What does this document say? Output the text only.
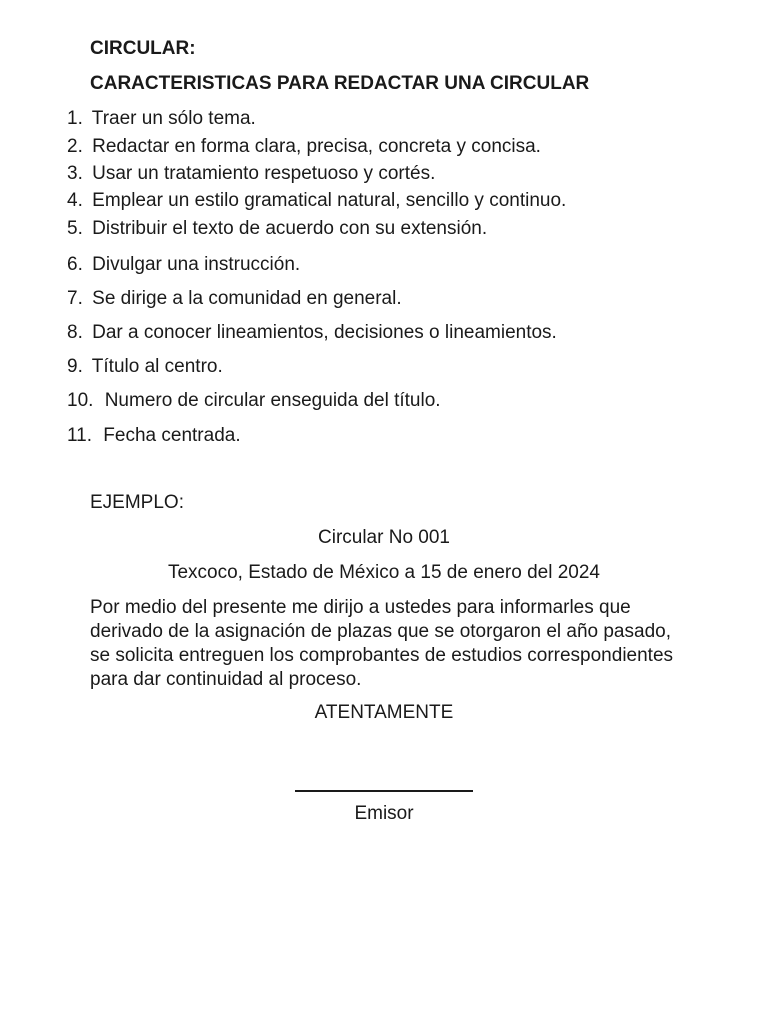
CIRCULAR:
CARACTERISTICAS PARA REDACTAR UNA CIRCULAR
1. Traer un sólo tema.
2. Redactar en forma clara, precisa, concreta y concisa.
3. Usar un tratamiento respetuoso y cortés.
4. Emplear un estilo gramatical natural, sencillo y continuo.
5. Distribuir el texto de acuerdo con su extensión.
6. Divulgar una instrucción.
7. Se dirige a la comunidad en general.
8. Dar a conocer lineamientos, decisiones o lineamientos.
9. Título al centro.
10. Numero de circular enseguida del título.
11. Fecha centrada.
EJEMPLO:
Circular No 001
Texcoco, Estado de México a 15 de enero del 2024
Por medio del presente me dirijo a ustedes para informarles que derivado de la asignación de plazas que se otorgaron el año pasado, se solicita entreguen los comprobantes de estudios correspondientes para dar continuidad al proceso.
ATENTAMENTE
Emisor
